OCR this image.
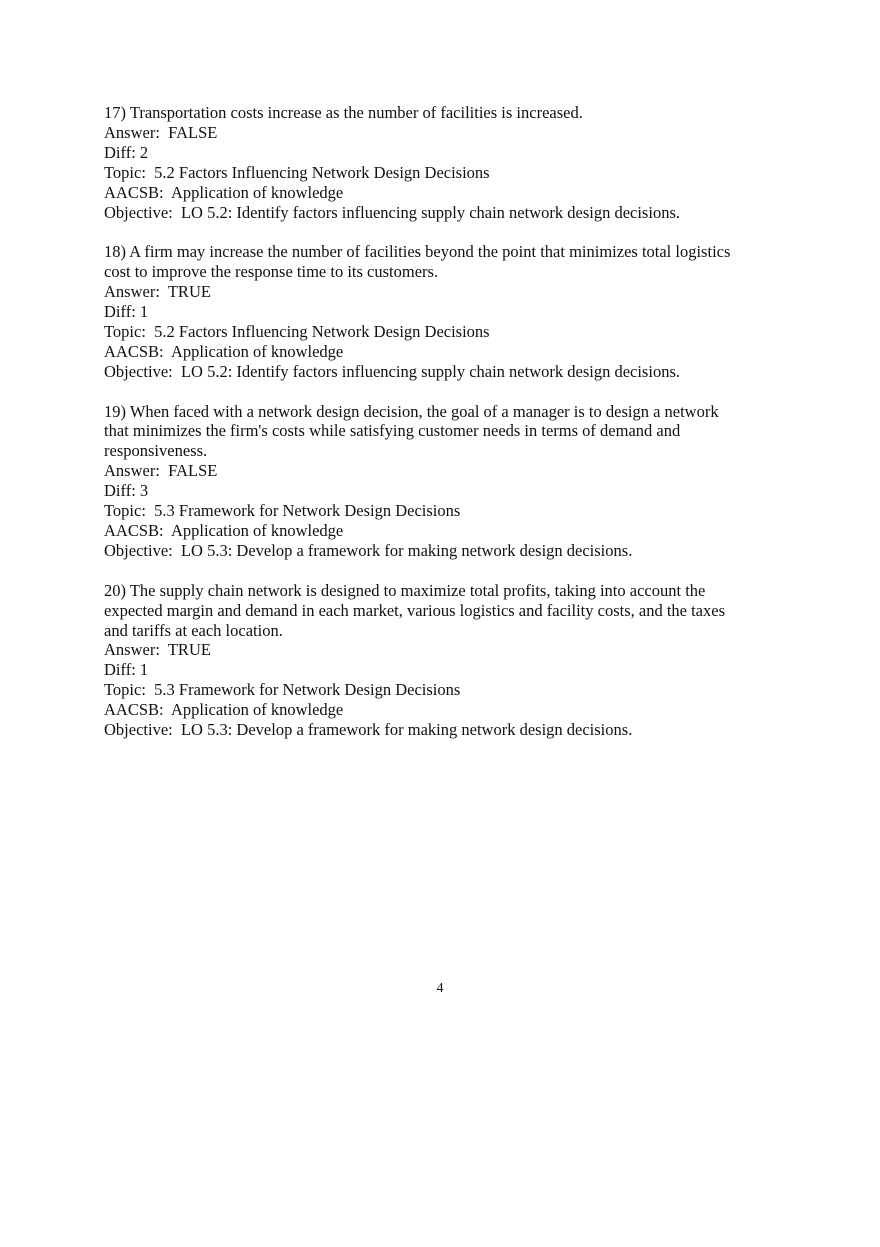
17) Transportation costs increase as the number of facilities is increased.
Answer:  FALSE
Diff: 2
Topic:  5.2 Factors Influencing Network Design Decisions
AACSB:  Application of knowledge
Objective:  LO 5.2: Identify factors influencing supply chain network design decisions.
18) A firm may increase the number of facilities beyond the point that minimizes total logistics
cost to improve the response time to its customers.
Answer:  TRUE
Diff: 1
Topic:  5.2 Factors Influencing Network Design Decisions
AACSB:  Application of knowledge
Objective:  LO 5.2: Identify factors influencing supply chain network design decisions.
19) When faced with a network design decision, the goal of a manager is to design a network
that minimizes the firm's costs while satisfying customer needs in terms of demand and
responsiveness.
Answer:  FALSE
Diff: 3
Topic:  5.3 Framework for Network Design Decisions
AACSB:  Application of knowledge
Objective:  LO 5.3: Develop a framework for making network design decisions.
20) The supply chain network is designed to maximize total profits, taking into account the
expected margin and demand in each market, various logistics and facility costs, and the taxes
and tariffs at each location.
Answer:  TRUE
Diff: 1
Topic:  5.3 Framework for Network Design Decisions
AACSB:  Application of knowledge
Objective:  LO 5.3: Develop a framework for making network design decisions.
4
